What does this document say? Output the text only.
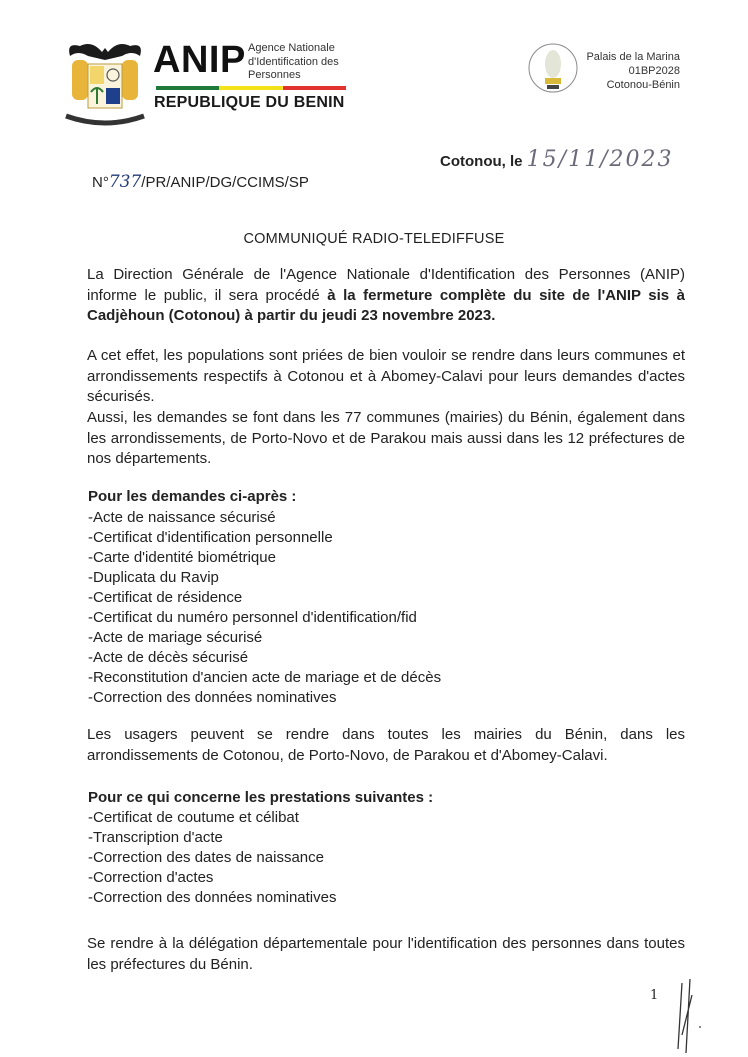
ANIP Agence Nationale
d'Identification des
Personnes
REPUBLIQUE DU BENIN
Palais de la Marina
01BP2028
Cotonou-Bénin
N°737/PR/ANIP/DG/CCIMS/SP
Cotonou, le 15/11/2023
COMMUNIQUÉ RADIO-TELEDIFFUSE
La Direction Générale de l'Agence Nationale d'Identification des Personnes (ANIP) informe le public, il sera procédé à la fermeture complète du site de l'ANIP sis à Cadjèhoun (Cotonou) à partir du jeudi 23 novembre 2023.
A cet effet, les populations sont priées de bien vouloir se rendre dans leurs communes et arrondissements respectifs à Cotonou et à Abomey-Calavi pour leurs demandes d'actes sécurisés.
Aussi, les demandes se font dans les 77 communes (mairies) du Bénin, également dans les arrondissements, de Porto-Novo et de Parakou mais aussi dans les 12 préfectures de nos départements.
Pour les demandes ci-après :
-Acte de naissance sécurisé
-Certificat d'identification personnelle
-Carte d'identité biométrique
-Duplicata du Ravip
-Certificat de résidence
-Certificat du numéro personnel d'identification/fid
-Acte de mariage sécurisé
-Acte de décès sécurisé
-Reconstitution d'ancien acte de mariage et de décès
-Correction des données nominatives
Les usagers peuvent se rendre dans toutes les mairies du Bénin, dans les arrondissements de Cotonou, de Porto-Novo, de Parakou et d'Abomey-Calavi.
Pour ce qui concerne les prestations suivantes :
-Certificat de coutume et célibat
-Transcription d'acte
-Correction des dates de naissance
-Correction d'actes
-Correction des données nominatives
Se rendre à la délégation départementale pour l'identification des personnes dans toutes les préfectures du Bénin.
1
